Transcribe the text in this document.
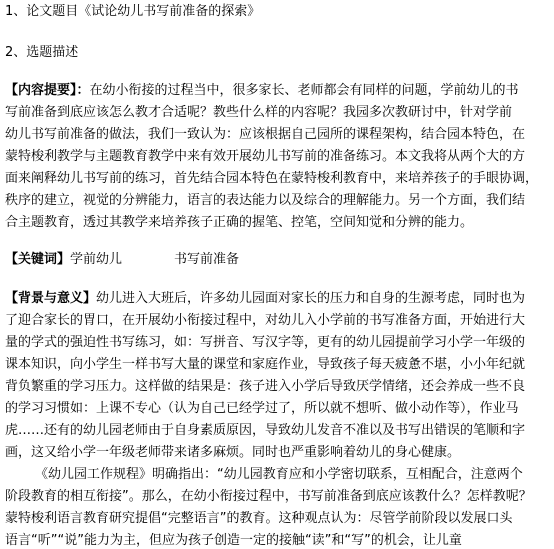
1、论文题目《试论幼儿书写前准备的探索》
2、选题描述
【内容提要】：在幼小衔接的过程当中，很多家长、老师都会有同样的问题，学前幼儿的书
写前准备到底应该怎么教才合适呢？教些什么样的内容呢？我园多次教研讨中，针对学前
幼儿书写前准备的做法，我们一致认为：应该根据自己园所的课程架构，结合园本特色，在
蒙特梭利教学与主题教育教学中来有效开展幼儿书写前的准备练习。本文我将从两个大的方
面来阐释幼儿书写前的练习，首先结合园本特色在蒙特梭利教育中，来培养孩子的手眼协调，
秩序的建立，视觉的分辨能力，语言的表达能力以及综合的理解能力。另一个方面，我们结
合主题教育，透过其教学来培养孩子正确的握笔、控笔，空间知觉和分辨的能力。
【关键词】学前幼儿	书写前准备
【背景与意义】幼儿进入大班后，许多幼儿园面对家长的压力和自身的生源考虑，同时也为
了迎合家长的胃口，在开展幼小衔接过程中，对幼儿入小学前的书写准备方面，开始进行大
量的学式的强迫性书写练习，如：写拼音、写汉字等，更有的幼儿园提前学习小学一年级的
课本知识，向小学生一样书写大量的课堂和家庭作业，导致孩子每天疲惫不堪，小小年纪就
背负繁重的学习压力。这样做的结果是：孩子进入小学后导致厌学情绪，还会养成一些不良
的学习习惯如：上课不专心（认为自己已经学过了，所以就不想听、做小动作等），作业马
虎……还有的幼儿园老师由于自身素质原因，导致幼儿发音不准以及书写出错误的笔顺和字
画，这又给小学一年级老师带来诸多麻烦。同时也严重影响着幼儿的身心健康。
《幼儿园工作规程》明确指出：“幼儿园教育应和小学密切联系，互相配合，注意两个
阶段教育的相互衔接”。那么，在幼小衔接过程中，书写前准备到底应该教什么？怎样教呢？
蒙特梭利语言教育研究提倡“完整语言”的教育。这种观点认为：尽管学前阶段以发展口头
语言“听”“说”能力为主，但应为孩子创造一定的接触“读”和“写”的机会，让儿童
